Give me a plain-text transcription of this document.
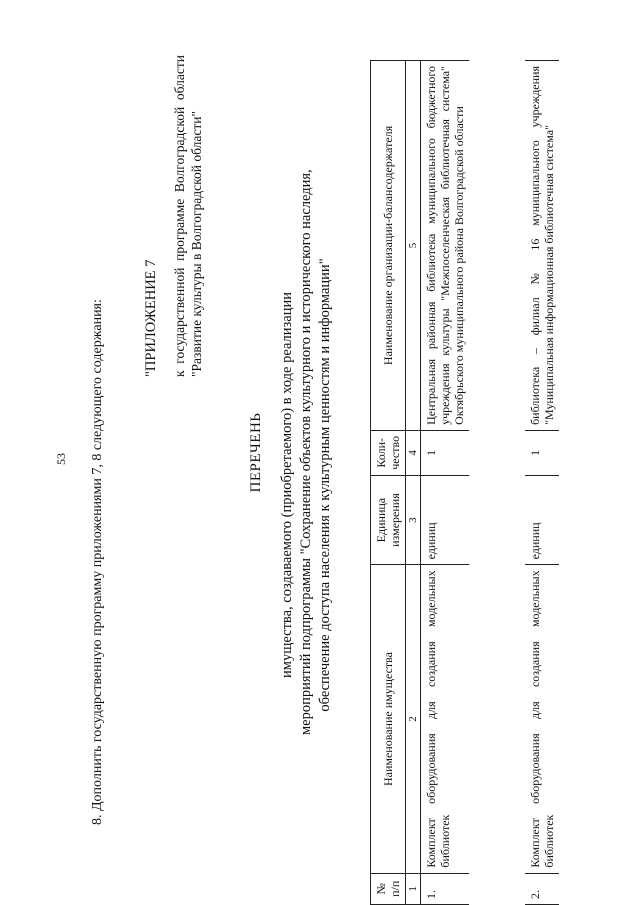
53 8. Дополнить государственную программу приложениями 7, 8 следующего содержания:	"ПРИЛОЖЕНИЕ 7 к государственной программе Волгоградской области "Развитие культуры в Волгоградской области"
ПЕРЕЧЕНЬ имущества, создаваемого (приобретаемого) в ходе реализации мероприятий подпрограммы "Сохранение объектов культурного и исторического наследия, обеспечение доступа населения к культурным ценностям и информации"
№ п/п	Наименование имущества	Единица измерения	Коли-чество	Наименование организации-балансодержателя
1	2	3	4	5
1.	Комплект оборудования для создания модельных библиотек	единиц	1	Центральная районная библиотека муниципального бюджетного учреждения культуры "Межпоселенческая библиотечная система" Октябрьского муниципального района Волгоградской области

2.	Комплект оборудования для создания модельных библиотек	единиц	1	библиотека – филиал № 16 муниципального учреждения "Муниципальная информационная библиотечная система"
